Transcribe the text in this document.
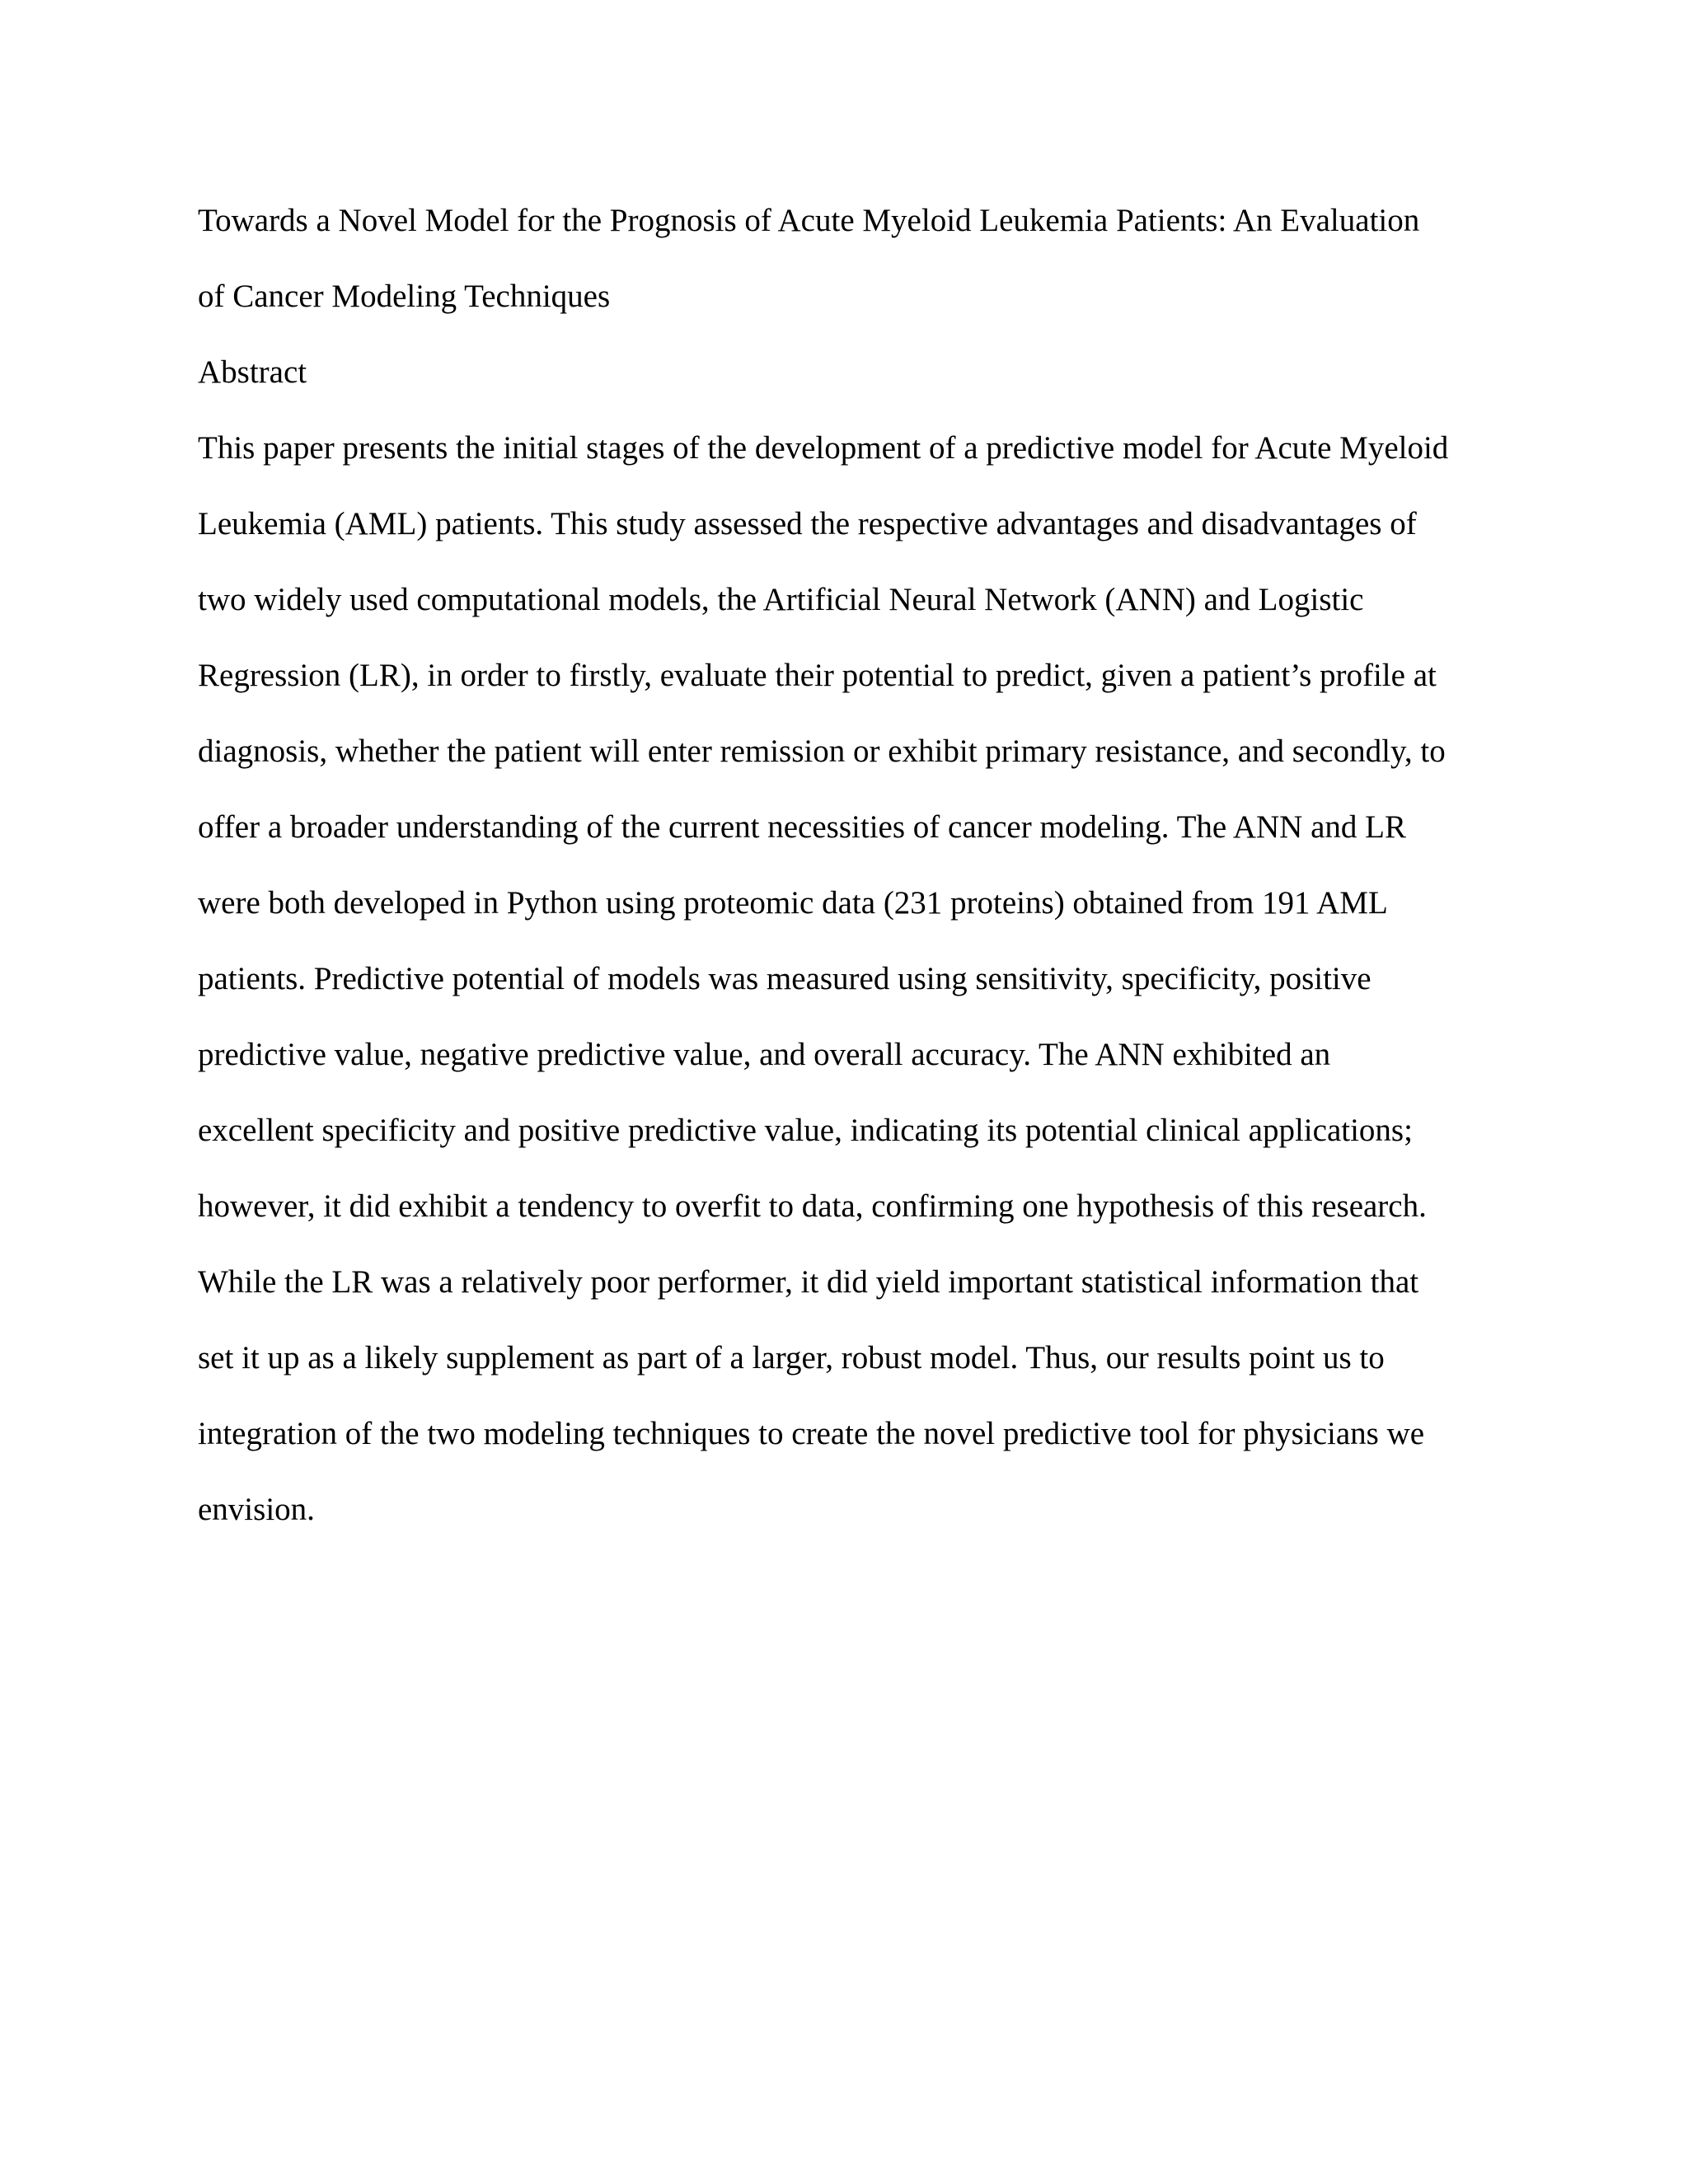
Towards a Novel Model for the Prognosis of Acute Myeloid Leukemia Patients: An Evaluation
of Cancer Modeling Techniques
Abstract
This paper presents the initial stages of the development of a predictive model for Acute Myeloid
Leukemia (AML) patients. This study assessed the respective advantages and disadvantages of
two widely used computational models, the Artificial Neural Network (ANN) and Logistic
Regression (LR), in order to firstly, evaluate their potential to predict, given a patient’s profile at
diagnosis, whether the patient will enter remission or exhibit primary resistance, and secondly, to
offer a broader understanding of the current necessities of cancer modeling. The ANN and LR
were both developed in Python using proteomic data (231 proteins) obtained from 191 AML
patients. Predictive potential of models was measured using sensitivity, specificity, positive
predictive value, negative predictive value, and overall accuracy. The ANN exhibited an
excellent specificity and positive predictive value, indicating its potential clinical applications;
however, it did exhibit a tendency to overfit to data, confirming one hypothesis of this research.
While the LR was a relatively poor performer, it did yield important statistical information that
set it up as a likely supplement as part of a larger, robust model. Thus, our results point us to
integration of the two modeling techniques to create the novel predictive tool for physicians we
envision.
